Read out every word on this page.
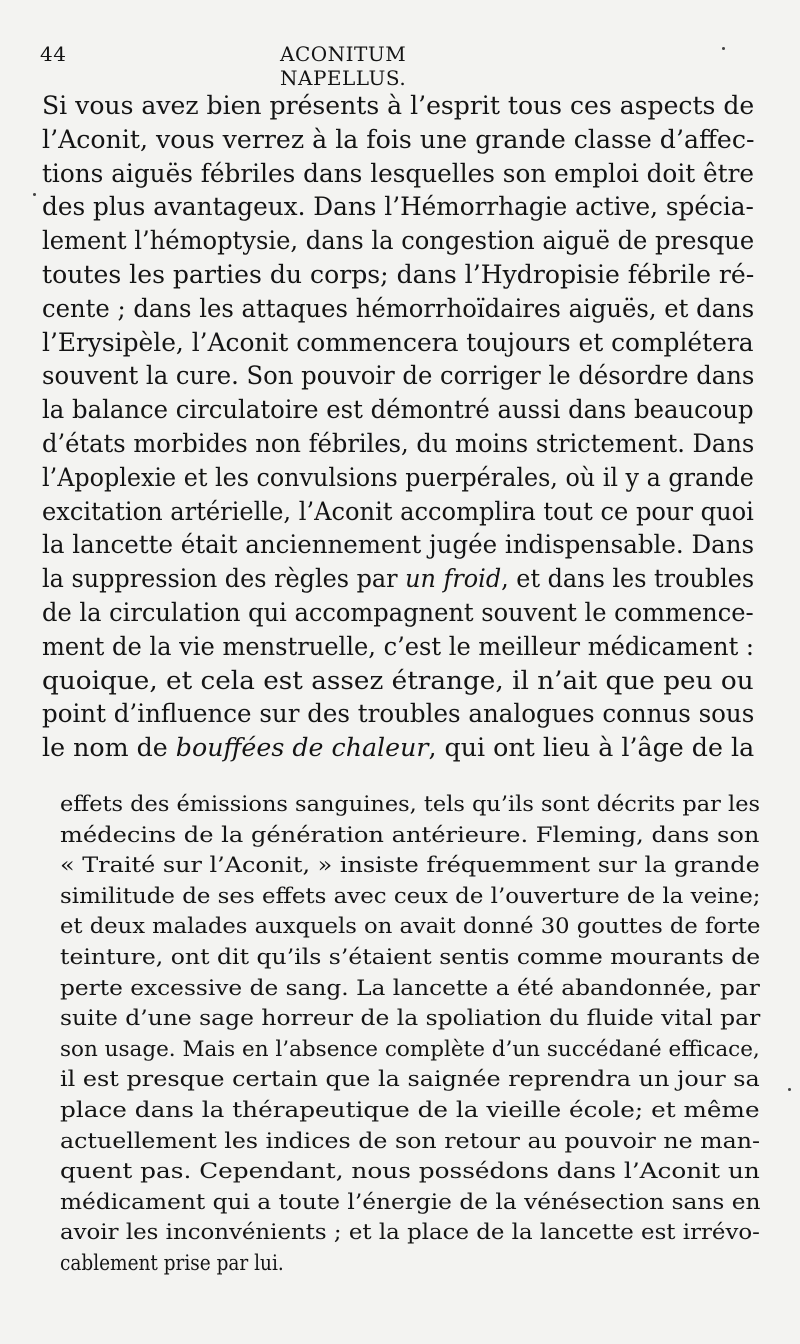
44	ACONITUM NAPELLUS.
Si vous avez bien présents à l’esprit tous ces aspects de
l’Aconit, vous verrez à la fois une grande classe d’affec-
tions aiguës fébriles dans lesquelles son emploi doit être
des plus avantageux. Dans l’Hémorrhagie active, spécia-
lement l’hémoptysie, dans la congestion aiguë de presque
toutes les parties du corps; dans l’Hydropisie fébrile ré-
cente ; dans les attaques hémorrhoïdaires aiguës, et dans
l’Erysipèle, l’Aconit commencera toujours et complétera
souvent la cure. Son pouvoir de corriger le désordre dans
la balance circulatoire est démontré aussi dans beaucoup
d’états morbides non fébriles, du moins strictement. Dans
l’Apoplexie et les convulsions puerpérales, où il y a grande
excitation artérielle, l’Aconit accomplira tout ce pour quoi
la lancette était anciennement jugée indispensable. Dans
la suppression des règles par un froid, et dans les troubles
de la circulation qui accompagnent souvent le commence-
ment de la vie menstruelle, c’est le meilleur médicament :
quoique, et cela est assez étrange, il n’ait que peu ou
point d’influence sur des troubles analogues connus sous
le nom de bouffées de chaleur, qui ont lieu à l’âge de la
effets des émissions sanguines, tels qu’ils sont décrits par les
médecins de la génération antérieure. Fleming, dans son
« Traité sur l’Aconit, » insiste fréquemment sur la grande
similitude de ses effets avec ceux de l’ouverture de la veine;
et deux malades auxquels on avait donné 30 gouttes de forte
teinture, ont dit qu’ils s’étaient sentis comme mourants de
perte excessive de sang. La lancette a été abandonnée, par
suite d’une sage horreur de la spoliation du fluide vital par
son usage. Mais en l’absence complète d’un succédané efficace,
il est presque certain que la saignée reprendra un jour sa
place dans la thérapeutique de la vieille école; et même
actuellement les indices de son retour au pouvoir ne man-
quent pas. Cependant, nous possédons dans l’Aconit un
médicament qui a toute l’énergie de la vénésection sans en
avoir les inconvénients ; et la place de la lancette est irrévo-
cablement prise par lui.
